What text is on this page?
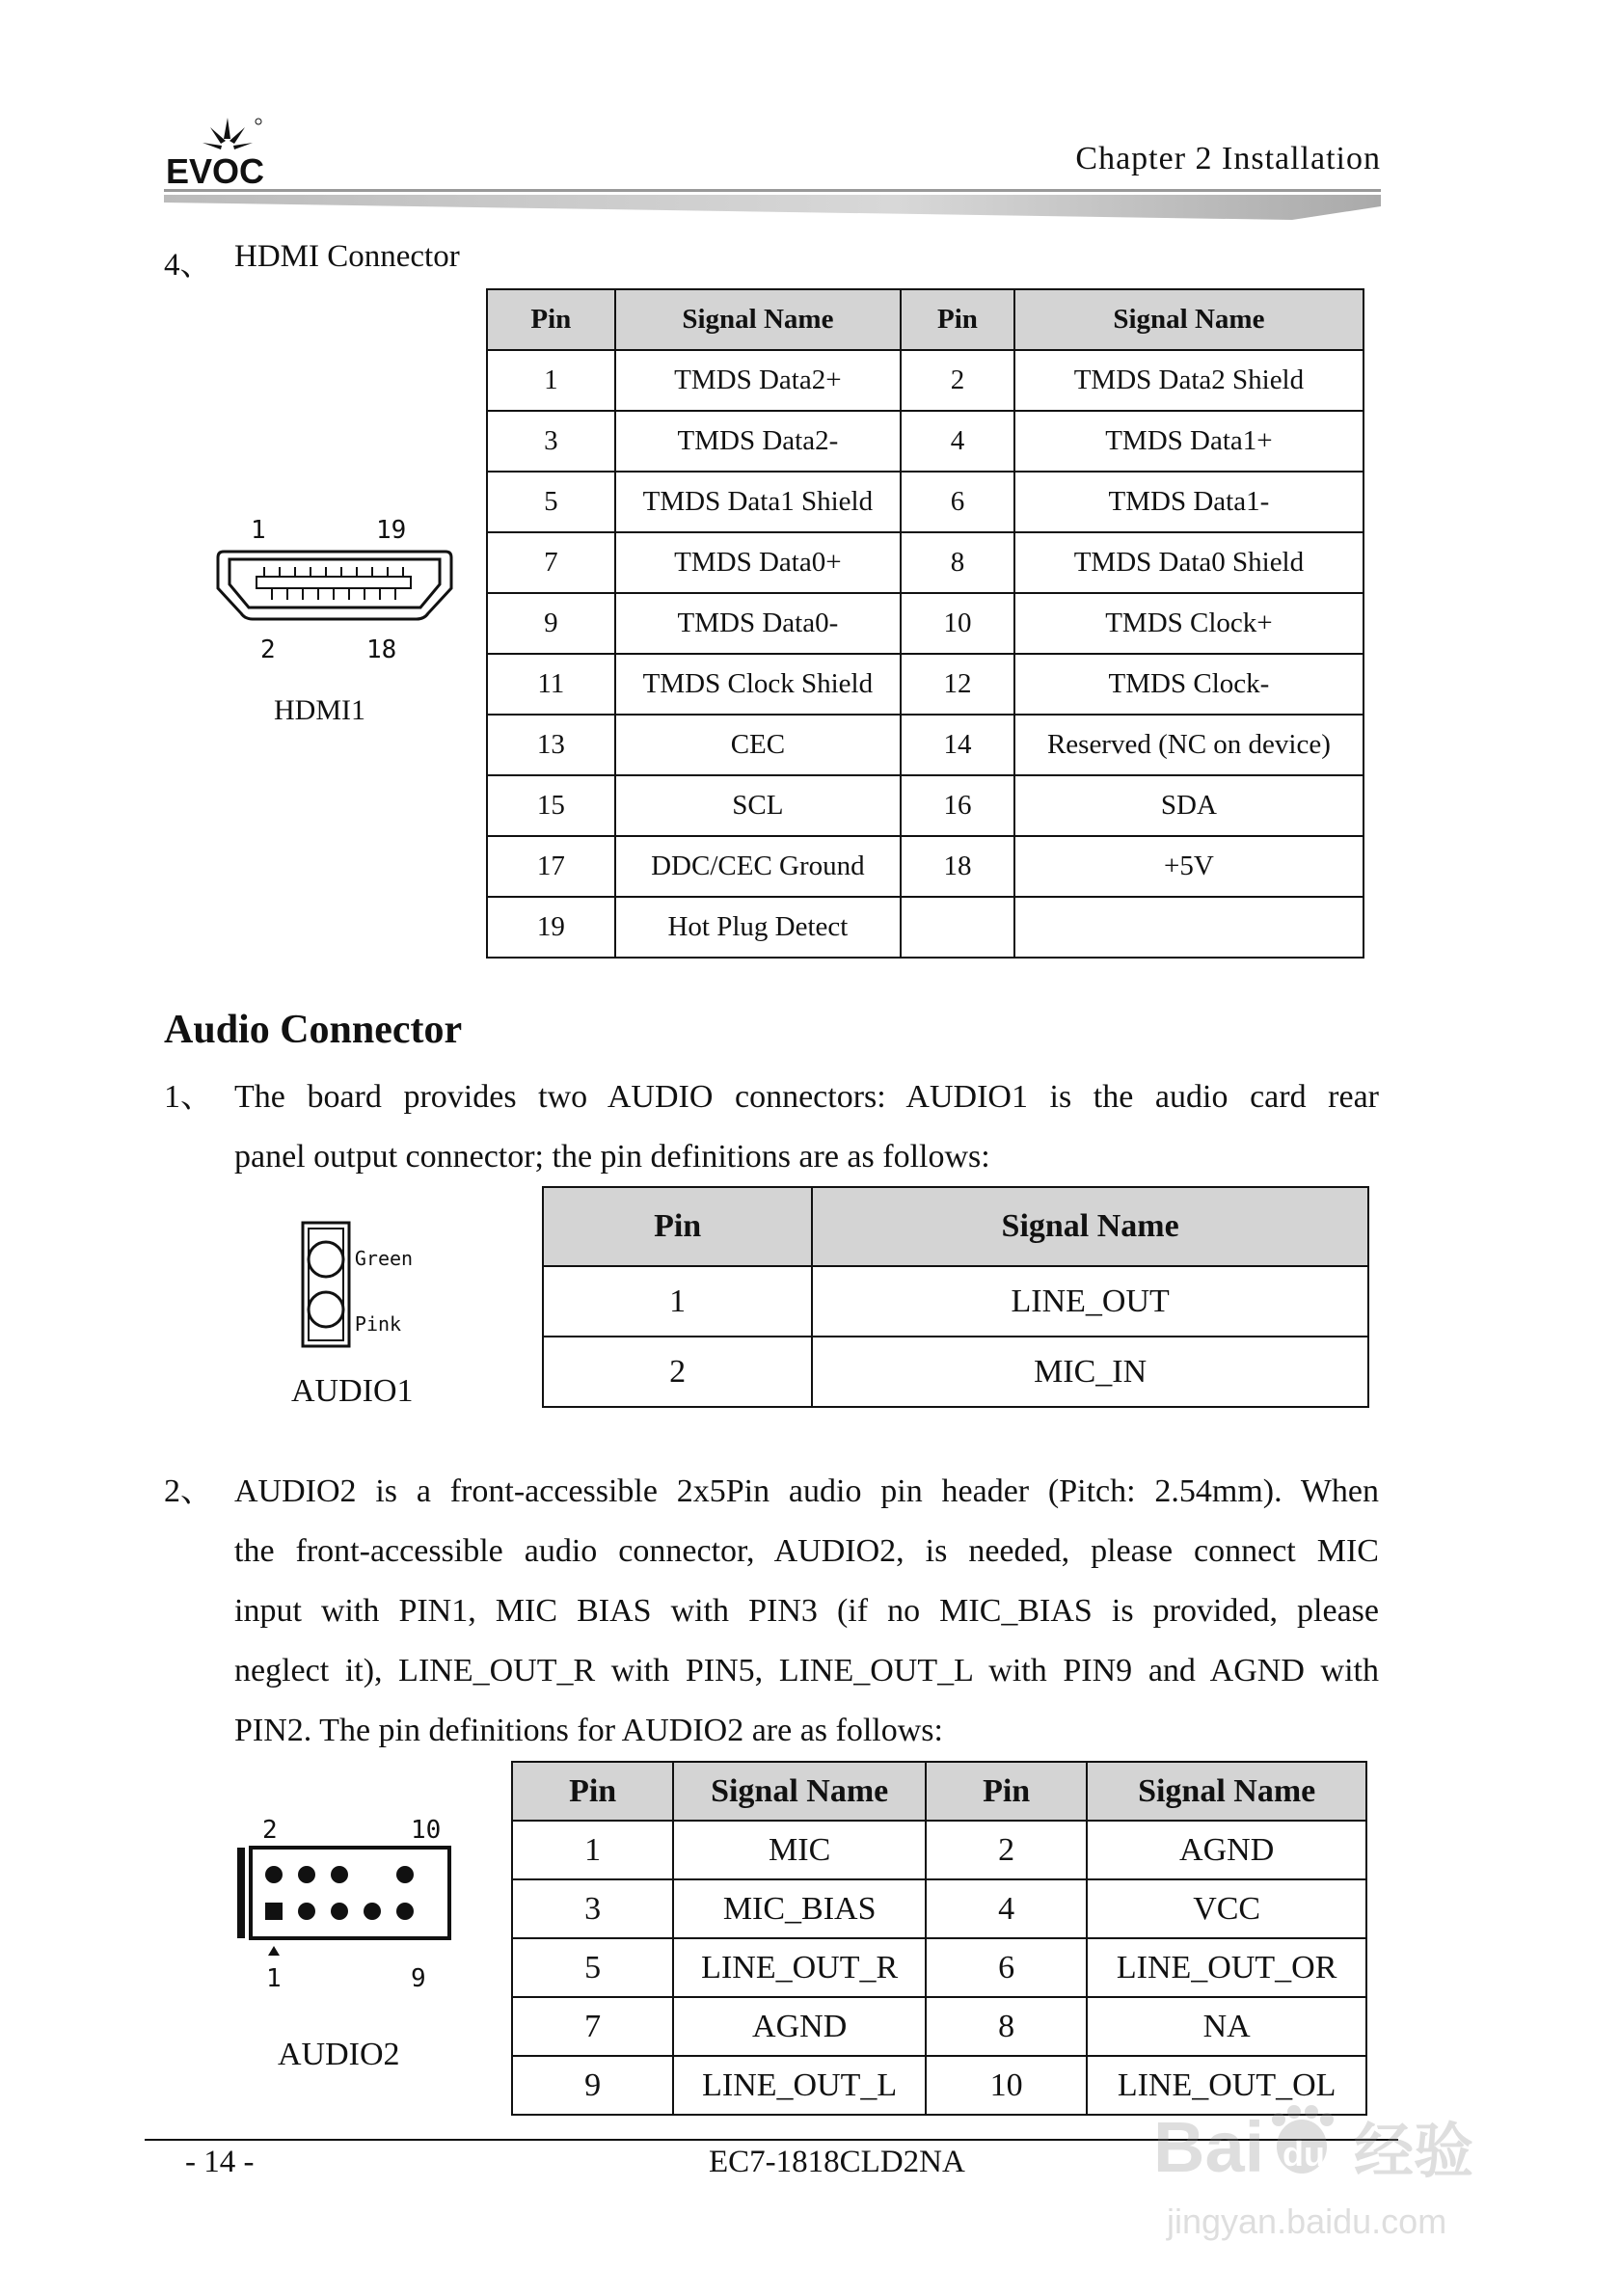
EVOC	Chapter 2 Installation
4、 HDMI Connector
1	19
2	18
HDMI1
Pin	Signal Name	Pin	Signal Name
1	TMDS Data2+	2	TMDS Data2 Shield
3	TMDS Data2-	4	TMDS Data1+
5	TMDS Data1 Shield	6	TMDS Data1-
7	TMDS Data0+	8	TMDS Data0 Shield
9	TMDS Data0-	10	TMDS Clock+
11	TMDS Clock Shield	12	TMDS Clock-
13	CEC	14	Reserved (NC on device)
15	SCL	16	SDA
17	DDC/CEC Ground	18	+5V
19	Hot Plug Detect		
Audio Connector
1、 The board provides two AUDIO connectors: AUDIO1 is the audio card rear
panel output connector; the pin definitions are as follows:
Green
Pink
AUDIO1
Pin	Signal Name
1	LINE_OUT
2	MIC_IN
2、 AUDIO2 is a front-accessible 2x5Pin audio pin header (Pitch: 2.54mm). When
the front-accessible audio connector, AUDIO2, is needed, please connect MIC
input with PIN1, MIC BIAS with PIN3 (if no MIC_BIAS is provided, please
neglect it), LINE_OUT_R with PIN5, LINE_OUT_L with PIN9 and AGND with
PIN2. The pin definitions for AUDIO2 are as follows:
2	10
1	9
AUDIO2
Pin	Signal Name	Pin	Signal Name
1	MIC	2	AGND
3	MIC_BIAS	4	VCC
5	LINE_OUT_R	6	LINE_OUT_OR
7	AGND	8	NA
9	LINE_OUT_L	10	LINE_OUT_OL
- 14 -	EC7-1818CLD2NA	Bai du 经验
jingyan.baidu.com
